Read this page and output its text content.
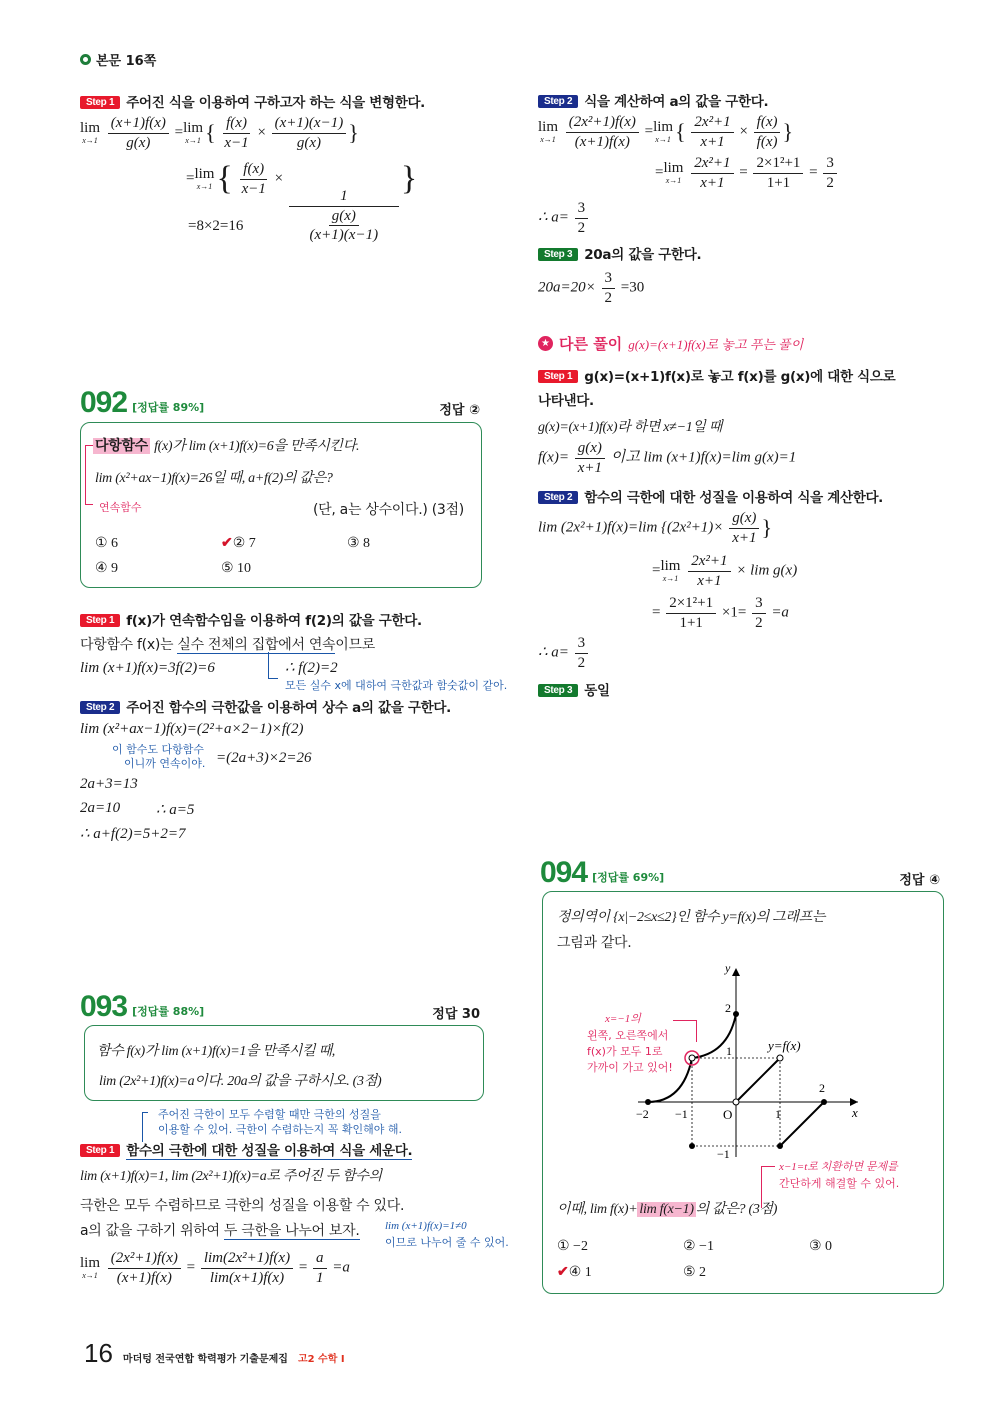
본문 16쪽
Step 1 주어진 식을 이용하여 구하고자 하는 식을 변형한다.
lim
x→1
$\frac{(x+1)f(x)}{g(x)} = \lim$
x→1 { $\frac{f(x)}{x-1} \times \frac{(x+1)(x-1)}{g(x)}$ }
= lim
x→1 { $\frac{f(x)}{x-1}$ ×
$\frac{1}{\frac{g(x)}{(x+1)(x-1)}}$
}
=8×2=16
092 [정답률 89%]	정답 ②
다항함수 f(x)가 lim (x+1)f(x)=6을 만족시킨다.
lim (x²+ax−1)f(x)=26일 때, a+f(2)의 값은?
연속함수	(단, a는 상수이다.) (3점)
① 6	✔② 7	③ 8
④ 9	⑤ 10
Step 1 f(x)가 연속함수임을 이용하여 f(2)의 값을 구한다.
다항함수 f(x)는 실수 전체의 집합에서 연속이므로
lim (x+1)f(x)=3f(2)=6	∴ f(2)=2
모든 실수 x에 대하여 극한값과 함숫값이 같아.
Step 2 주어진 함수의 극한값을 이용하여 상수 a의 값을 구한다.
lim (x²+ax−1)f(x)=(2²+a×2−1)×f(2)
이 함수도 다항함수
이니까 연속이야. =(2a+3)×2=26
2a+3=13
2a=10 ∴ a=5
∴ a+f(2)=5+2=7
093 [정답률 88%]	정답 30
함수 f(x)가 lim (x+1)f(x)=1을 만족시킬 때,
lim (2x²+1)f(x)=a이다. 20a의 값을 구하시오. (3점)
주어진 극한이 모두 수렴할 때만 극한의 성질을
이용할 수 있어. 극한이 수렴하는지 꼭 확인해야 해.
Step 1 함수의 극한에 대한 성질을 이용하여 식을 세운다.
lim (x+1)f(x)=1, lim (2x²+1)f(x)=a로 주어진 두 함수의
극한은 모두 수렴하므로 극한의 성질을 이용할 수 있다.
a의 값을 구하기 위하여 두 극한을 나누어 보자. lim (x+1)f(x)=1≠0
이므로 나누어 줄 수 있어.
lim
x→1
$\frac{\text{(2x²+1)f(x)}}{(x+1)f(x)} = \frac{\text{lim(2x²+1)f(x)}}{\lim(x+1)f(x)} = \frac{a}{1} =a$
Step 2 식을 계산하여 a의 값을 구한다.
lim
x→1
$\frac{\text{(2x²+1)f(x)}}{(x+1)f(x)} = \lim$
x→1 { $\frac{\text{2x²+1}}{x+1} \times \frac{f(x)}{f(x)}$ }
= lim
x→1
$\frac{\text{2x²+1}}{x+1} = \frac{\text{2×1²+1}}{1+1} = \frac{3}{2}$
∴ $a= \frac{3}{2}$
Step 3 20a의 값을 구한다.
$20a=20\times \frac{3}{2} =30$
★ 다른 풀이 g(x)=(x+1)f(x)로 놓고 푸는 풀이
Step 1 g(x)=(x+1)f(x)로 놓고 f(x)를 g(x)에 대한 식으로
나타낸다.
g(x)=(x+1)f(x)라 하면 x≠−1일 때
$f(x)= \frac{g(x)}{x+1}$ 이고 lim (x+1)f(x)=lim g(x)=1
Step 2 함수의 극한에 대한 성질을 이용하여 식을 계산한다.
lim (2x²+1)f(x)=lim {$(2x^2+1)\times \frac{g(x)}{x+1}$ }
= lim
x→1
$\frac{\text{2x²+1}}{x+1} \times \lim g(x)$
= $\frac{\text{2×1²+1}}{1+1} \times 1= \frac{3}{2} =a$
∴ $a= \frac{3}{2}$
Step 3 동일
094 [정답률 69%]	정답 ④
정의역이 {x|−2≤x≤2}인 함수 y=f(x)의 그래프는
그림과 같다.
−2 −1	O	1
2
x
y
2
1
−1
y=f(x)
x=−1의
왼쪽, 오른쪽에서
f(x)가 모두 1로
가까이 가고 있어!
x−1=t로 치환하면 문제를
간단하게 해결할 수 있어.
이때, lim f(x)+ lim f(x−1) 의 값은? (3점)
① −2	② −1	③ 0
✔④ 1	⑤ 2
16 마더텅 전국연합 학력평가 기출문제집 고2 수학 I
